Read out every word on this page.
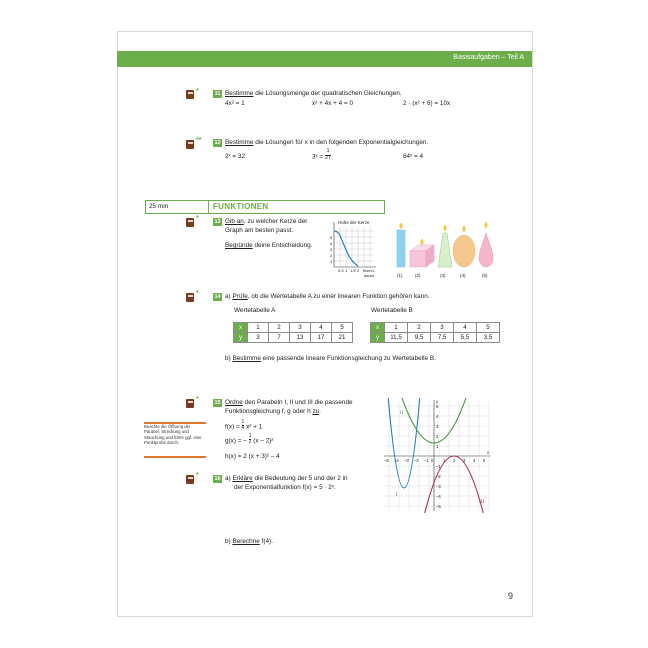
Basisaufgaben – Teil A
*	11 Bestimme die Lösungsmenge der quadratischen Gleichungen.
4x² = 1	x² + 4x + 4 = 0	2 · (x² + 6) = 10x
** 12 Bestimme die Lösungen für x in den folgenden Exponentialgleichungen.
2ˣ = 32	3ˣ = $\frac{1}{27}$	64ˣ = 4
25 min	FUNKTIONEN
*	13 Gib an, zu welcher Kerze der
Graph am besten passt.
Begründe deine Entscheidung.
Höhe der Kerze
1
2
3
4
5
0,5 1 1,5 2 Brenn-
dauer	(1)	(2)	(3)	(4)	(5)
*	14 a) Prüfe, ob die Wertetabelle A zu einer linearen Funktion gehören kann.
Wertetabelle A	Wertetabelle B
x	1	2	3	4	5
y	3	7	13	17	21
x	1	2	3	4	5
y	11,5	9,5	7,5	5,5	3,5
b) Bestimme eine passende lineare Funktionsgleichung zu Wertetabelle B.
*	15 Ordne den Parabeln I, II und III die passende
Funktionsgleichung f, g oder h zu.
$f(x) = \frac{1}{4} x^2 + 1$
g(x) = – $\frac{1}{2} (x - 2)^2$
h(x) = 2 (x + 3)² – 4
Beachte die Öffnung der Parabel, Streckung und Stauchung und führe ggf. eine Punktprobe durch.
I
II
III
–5 –4 –3 –2 –1 0 1 2 3 4 5
x
y
5
4
3
2
1
–1
–2
–3
–4
–5
*	16 a) Erkläre die Bedeutung der 5 und der 2 in
der Exponentialfunktion f(x) = 5 · 2ˣ.
b) Berechne f(4).
9
